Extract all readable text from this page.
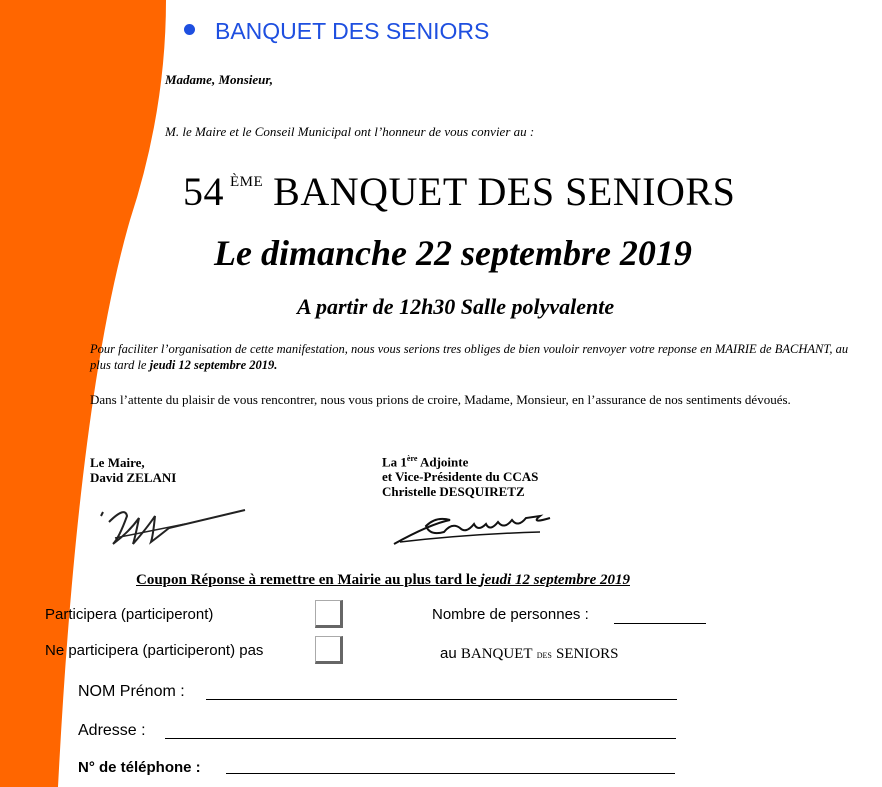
BANQUET DES SENIORS
Madame, Monsieur,
M. le Maire et le Conseil Municipal ont l’honneur de vous convier au :
54 $^{ÈME}$ BANQUET DES SENIORS
Le dimanche 22 septembre 2019
A partir de 12h30 Salle polyvalente
Pour faciliter l’organisation de cette manifestation, nous vous serions tres obliges de bien vouloir renvoyer votre reponse en MAIRIE de BACHANT, au plus tard le jeudi 12 septembre 2019.
Dans l’attente du plaisir de vous rencontrer, nous vous prions de croire, Madame, Monsieur, en l’assurance de nos sentiments dévoués.
Le Maire,
David ZELANI
La 1ère Adjointe
et Vice-Présidente du CCAS
Christelle DESQUIRETZ
Coupon Réponse à remettre en Mairie au plus tard le jeudi 12 septembre 2019
Participera (participeront)	Nombre de personnes :
Ne participera (participeront) pas	au BANQUET des SENIORS
NOM Prénom :
Adresse :
N° de téléphone :
